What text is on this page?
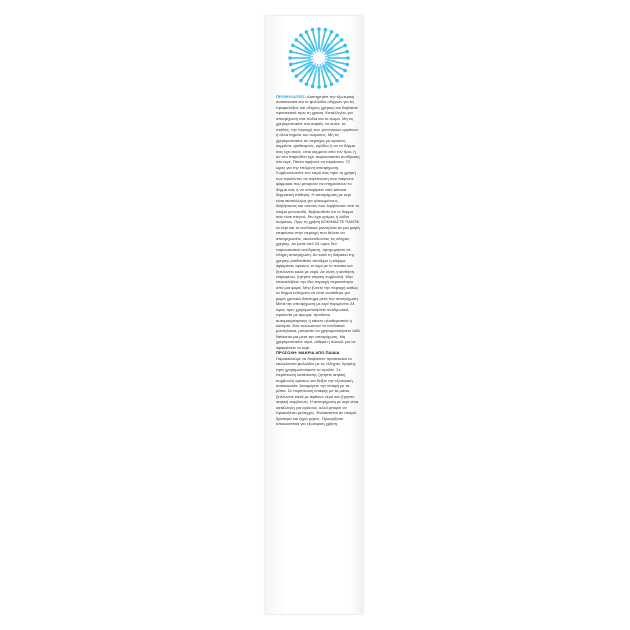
ΠΡΟΦΥΛΑΞΕΙΣ: Διαπηρήστε την εξωτερική συσκευασία και το φυλλάδιο οδηγιών για τις προφυλάξεις και οδηγίες χρήσης και διαβάστε προσεκτικά πριν τη χρήση. Κατάλληλες για αποτρίχωση στα πόδια και το σώμα. Μη τις χρησιμοποιείτε στο κεφάλι, τα αυτιά, τα στήθος, την περιοχή των γεννητικών οργάνων ή άλλα σημεία του σώματος. Μη τις χρησιμοποιείτε σε περιοχές με κιρσούς, κομμένα, ερεθισμούς, κηλίδες ή αν το δέρμα σας έχει σκιές, είναι κομμένο από τον ήλιο, ή αν στο παρελθόν έχει παρουσιαστεί αντίδραση στο κερί. Πάντα αφήνετε να περάσουν 72 ώρες για την επόμενη αποτρίχωση. Συμβουλευτείτε τον ιατρό σας πριν τη χρήση των προϊόντος σε περίπτωση που παίρνετε φάρμακα που μπορούν να επηρεάσουν το δέρμα σας ή να υποφέρετε από κάποια δερματική πάθηση. Η αποτρίχωση με κερί είναι ακατάλληλη για ηλικιωμένους, διαβητικούς και αυτούς που λαμβάνουν αντι το στόμα ρετινοειδή. Βεβαιωθείτε ότι το δέρμα σας είναι στεγνό, δεν έχει κρέμες ή λάδια σώματος. Πριν τη χρήση ΔΟΚΙΜΑΣΤΕ ΠΑΝΤΑ το κερί και το ενυδατικό μαντηλάκι σε μια μικρή επιφάνεια στην περιοχή που θέλετε να αποτριχώσετε, ακολουθώντας τις οδηγίες χρήσης. Αν μετά από 24 ώρες δεν παρουσιαστεί αντίδραση, προχωρήστε σε πλήρη αποτρίχωση. Αν κατά τη διάρκεια της χρήσης ρισθανθείτε τσούξιμο ή κάψιμο, αφαιρέστε αμέσως το κερί με το πανάκι και ξεπλύνετε καλά με νερό. Αν αυτή η αίσθηση παραμένει, ζητήστε ιατρική συμβουλή. Μην επαναλάβετε την ίδια περιοχή περισσότερο από μια φορά. Μην ξύνετε την περιοχή καθώς το δέρμα ενδέχεται να είναι ευαίσθητο για μικρό χρονικό διάστημα μετά την αποτρίχωση. Μετά την αποτρίχωση με κερί περιμένετε 24 ώρες πριν χρησιμοποιήσετε αντιδρωτικό, προϊόντα με άρωμα, προϊόντα αυτομαυρίσματος ή κάνετε ηλιοθεραπεία ή κολύμπι. Εάν τελειώσουν τα ενυδατικά μαντηλάκια, μπορείτε να χρησιμοποιήσετε λάδι Nelsonia για μετά την αποτρίχωση. Μη χρησιμοποιείτε νερό, αιθέρα ή αλκοόλ για να αφαιρέσετε το κερί.

ΠΡΟΣΟΧΗ: ΜΑΚΡΙΑ ΑΠΟ ΠΑΙΔΙΑ

Παρακαλούμε να διαβάσετε προσεκτικά το εσώκλειστο φυλλάδιο με τις Οδηγίες Χρήσης πριν χρησιμοποιήσετε το προϊόν. Σε περίπτωση κατάποσης ζητήστε ιατρική συμβουλή αμέσως και δείξτε την εξωτερική συσκευασία. Αποφύγετε την επαφή με τα μάτια. Σε περίπτωση επαφής με τα μάτια, ξεπλύνετε καλά με άφθονο νερό και ζητήστε ιατρική συμβουλή. Η αποτρίχωση με κερί είναι κατάλληλη για εγκύους, αλλά μπορεί να προκαλέσει μελαγχές. Φυλάσσεται σε σκιερό, δροσερό και ξηρό μέρος. Προορίζεται αποκλειστικά για εξωτερική χρήση.
